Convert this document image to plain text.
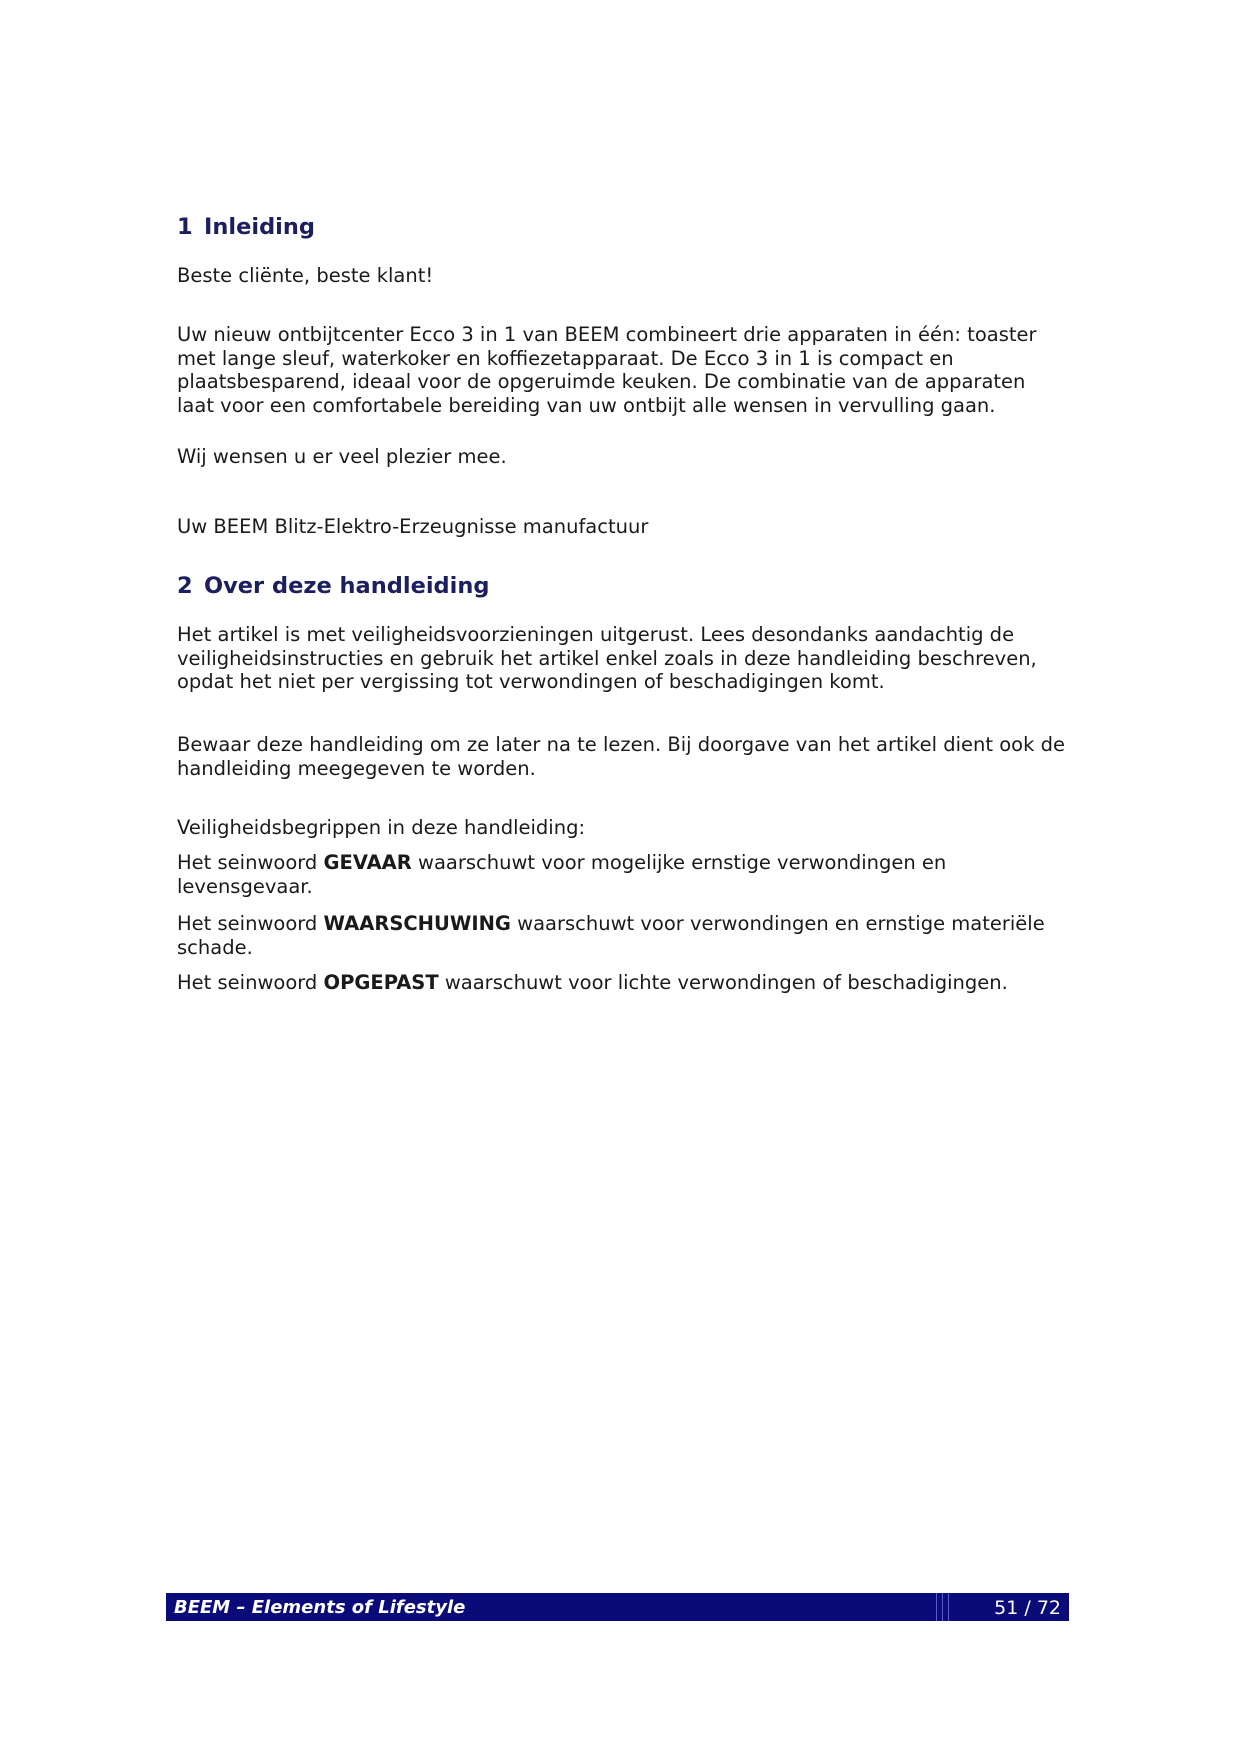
1 Inleiding

Beste cliënte, beste klant!

Uw nieuw ontbijtcenter Ecco 3 in 1 van BEEM combineert drie apparaten in één: toaster met lange sleuf, waterkoker en koffiezetapparaat. De Ecco 3 in 1 is compact en plaatsbesparend, ideaal voor de opgeruimde keuken. De combinatie van de apparaten laat voor een comfortabele bereiding van uw ontbijt alle wensen in vervulling gaan.

Wij wensen u er veel plezier mee.

Uw BEEM Blitz-Elektro-Erzeugnisse manufactuur

2 Over deze handleiding

Het artikel is met veiligheidsvoorzieningen uitgerust. Lees desondanks aandachtig de veiligheidsinstructies en gebruik het artikel enkel zoals in deze handleiding beschreven, opdat het niet per vergissing tot verwondingen of beschadigingen komt.

Bewaar deze handleiding om ze later na te lezen. Bij doorgave van het artikel dient ook de handleiding meegegeven te worden.

Veiligheidsbegrippen in deze handleiding:

Het seinwoord GEVAAR waarschuwt voor mogelijke ernstige verwondingen en levensgevaar.

Het seinwoord WAARSCHUWING waarschuwt voor verwondingen en ernstige materiële schade.

Het seinwoord OPGEPAST waarschuwt voor lichte verwondingen of beschadigingen.

BEEM – Elements of Lifestyle	51 / 72
